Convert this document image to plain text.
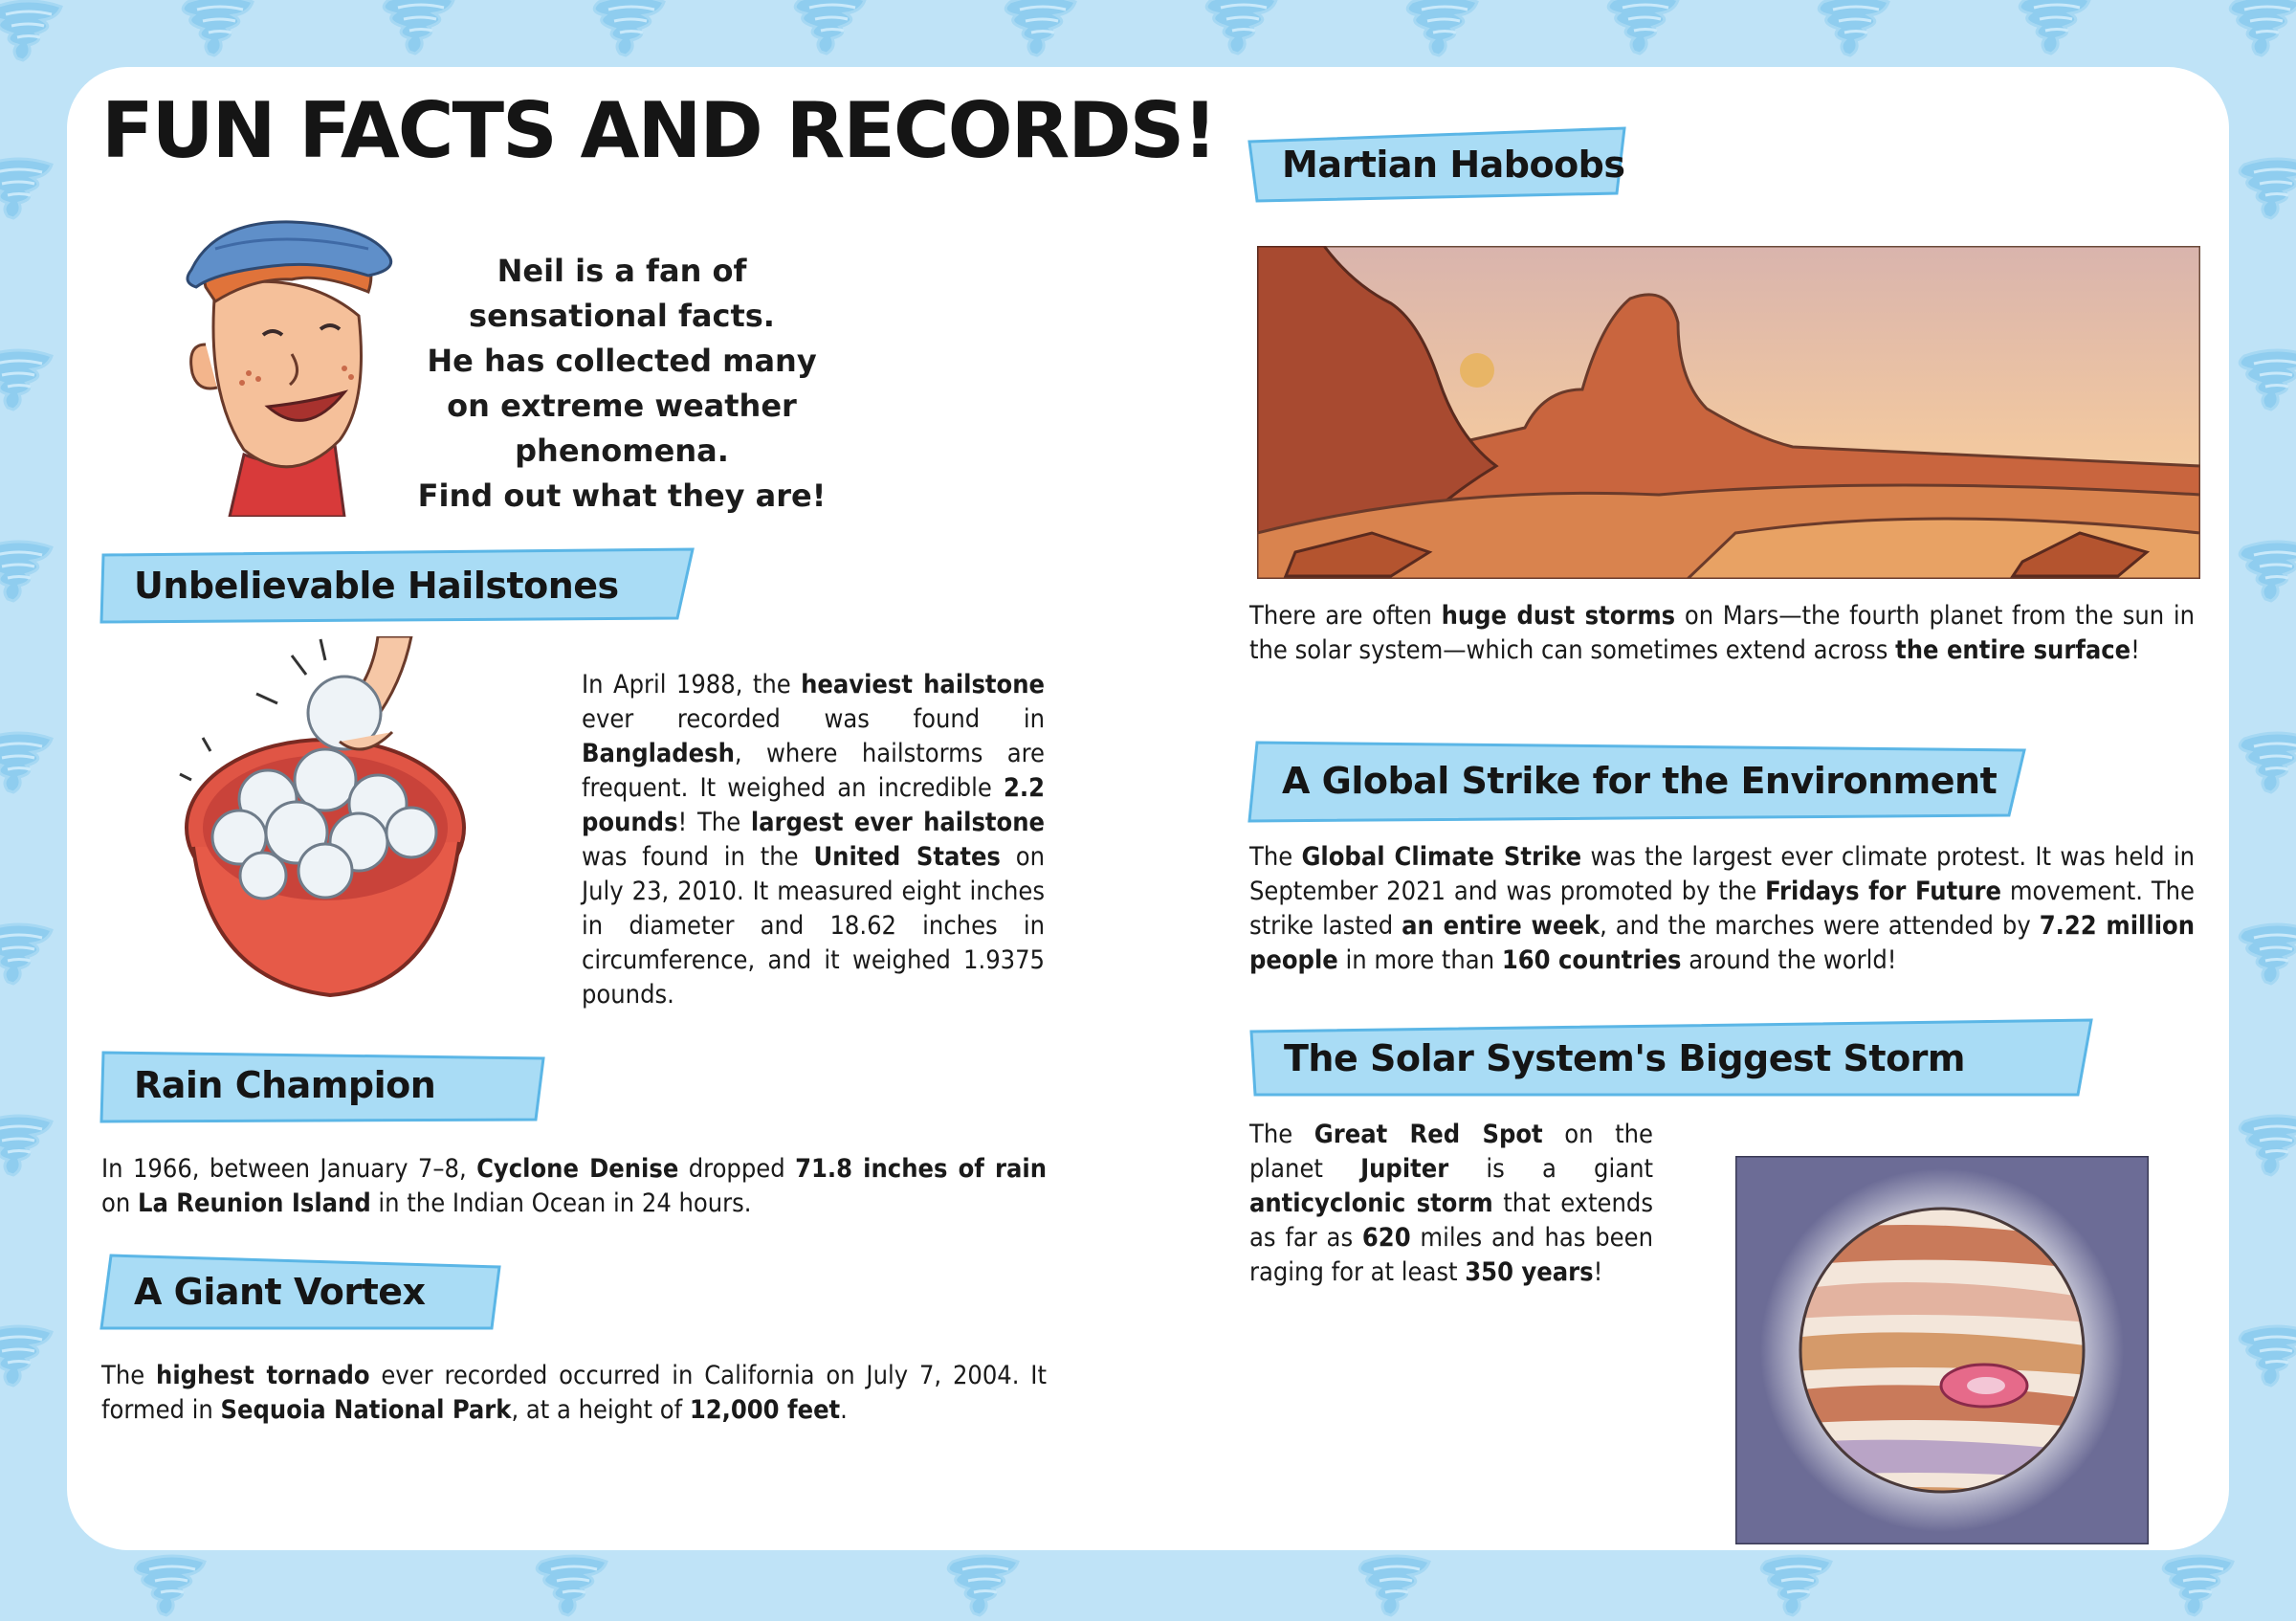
FUN FACTS AND RECORDS!
Neil is a fan of sensational facts.
He has collected many
on extreme weather phenomena.
Find out what they are!
Unbelievable Hailstones
In April 1988, the heaviest hailstone ever recorded was found in Bangladesh, where hailstorms are frequent. It weighed an incredible 2.2 pounds! The largest ever hailstone was found in the United States on July 23, 2010. It measured eight inches in diameter and 18.62 inches in circumference, and it weighed 1.9375 pounds.
Rain Champion
In 1966, between January 7–8, Cyclone Denise dropped 71.8 inches of rain on La Reunion Island in the Indian Ocean in 24 hours.
A Giant Vortex
The highest tornado ever recorded occurred in California on July 7, 2004. It formed in Sequoia National Park, at a height of 12,000 feet.
Martian Haboobs
There are often huge dust storms on Mars—the fourth planet from the sun in the solar system—which can sometimes extend across the entire surface!
A Global Strike for the Environment
The Global Climate Strike was the largest ever climate protest. It was held in September 2021 and was promoted by the Fridays for Future movement. The strike lasted an entire week, and the marches were attended by 7.22 million people in more than 160 countries around the world!
The Solar System's Biggest Storm
The Great Red Spot on the planet Jupiter is a giant anticyclonic storm that extends as far as 620 miles and has been raging for at least 350 years!
